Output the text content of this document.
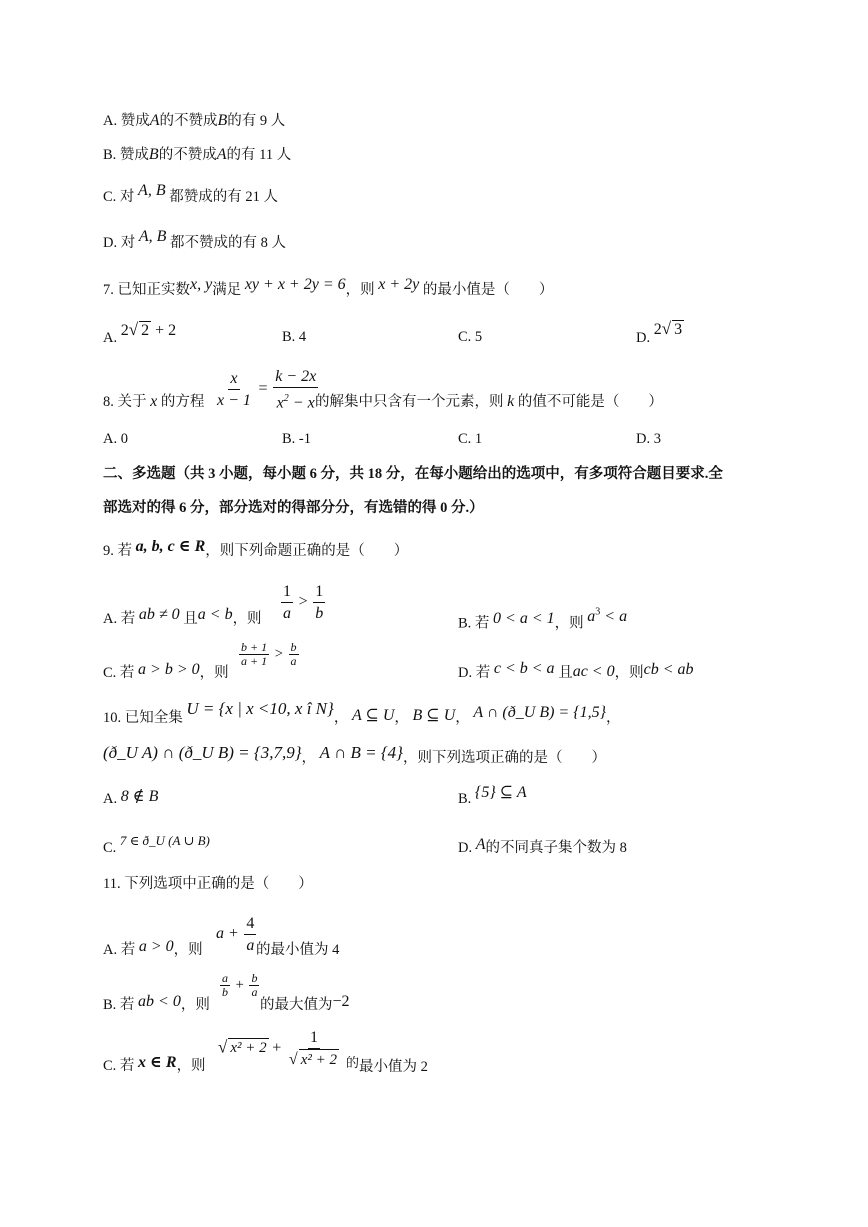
A. 赞成A的不赞成B的有 9 人
B. 赞成B的不赞成A的有 11 人
C. 对 A, B 都赞成的有 21 人
D. 对 A, B 都不赞成的有 8 人
7. 已知正实数x, y满足 xy + x + 2y = 6，则 x + 2y 的最小值是（　　）
A. 2√ 2 + 2	B. 4	C. 5	D. 2√ 3
8. 关于 x 的方程 $\frac{x}{x - 1} = \frac{k - 2x}{x^2 - x}$
的解集中只含有一个元素，则 k 的值不可能是（　　）
A. 0	B. -1	C. 1	D. 3
二、多选题（共 3 小题，每小题 6 分，共 18 分，在每小题给出的选项中，有多项符合题目要求.全
部选对的得 6 分，部分选对的得部分分，有选错的得 0 分.）
9. 若 a, b, c ∈ R，则下列命题正确的是（　　）
A. 若 ab ≠ 0 且a < b，则 $\frac{1}{a} > \frac{1}{b}$	B. 若 0 < a < 1，则 $a^3 < a$
C. 若 a > b > 0，则
$\frac{b + 1}{a + 1} > \frac{b}{a}$
D. 若 c < b < a 且ac < 0，则cb < ab
10. 已知全集 U = {x | x <10, x î N}， A ⊆ U， B ⊆ U， A ∩ (ð_U B) = {1,5}，
(ð_U A) ∩ (ð_U B) = {3,7,9}， A ∩ B = {4}，则下列选项正确的是（　　）
A. 8 ∉ B	B. {5} ⊆ A
C. 7 ∈ ð_U (A ∪ B)	D. A的不同真子集个数为 8
11. 下列选项中正确的是（　　）
A. 若 a > 0，则
$a + \frac{4}{a}$ 的最小值为 4
B. 若 ab < 0，则
$\frac{a}{b} + \frac{b}{a}$
的最大值为−2
C. 若 x ∈ R，则
√ $x^2 + 2 + \frac{1}{\text{√ x² + 2}}$ 的最小值为 2
